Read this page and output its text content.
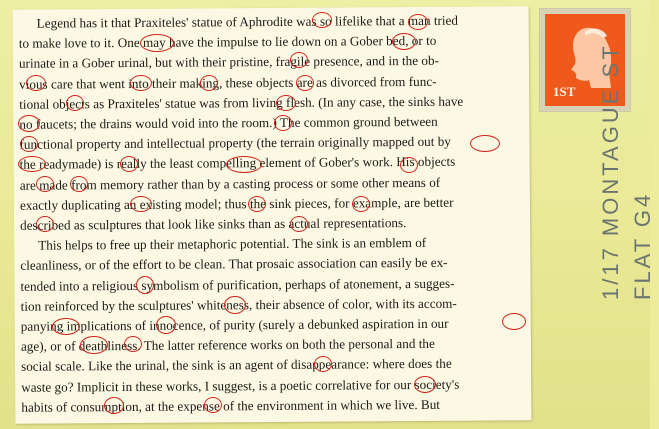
Legend has it that Praxiteles' statue of Aphrodite was so lifelike that a man tried
to make love to it. One may have the impulse to lie down on a Gober bed, or to
urinate in a Gober urinal, but with their pristine, fragile presence, and in the ob-
vious care that went into their making, these objects are as divorced from func-
tional objects as Praxiteles' statue was from living flesh. (In any case, the sinks have
no faucets; the drains would void into the room.) The common ground between
functional property and intellectual property (the terrain originally mapped out by
the readymade) is really the least compelling element of Gober's work. His objects
are made from memory rather than by a casting process or some other means of
exactly duplicating an existing model; thus the sink pieces, for example, are better
described as sculptures that look like sinks than as actual representations.

This helps to free up their metaphoric potential. The sink is an emblem of
cleanliness, or of the effort to be clean. That prosaic association can easily be ex-
tended into a religious symbolism of purification, perhaps of atonement, a sugges-
tion reinforced by the sculptures' whiteness, their absence of color, with its accom-
panying implications of innocence, of purity (surely a debunked aspiration in our
age), or of deathliness. The latter reference works on both the personal and the
social scale. Like the urinal, the sink is an agent of disappearance: where does the
waste go? Implicit in these works, I suggest, is a poetic correlative for our society's
habits of consumption, at the expense of the environment in which we live. But

1ST 1/17 MONTAGUE ST FLAT G4
